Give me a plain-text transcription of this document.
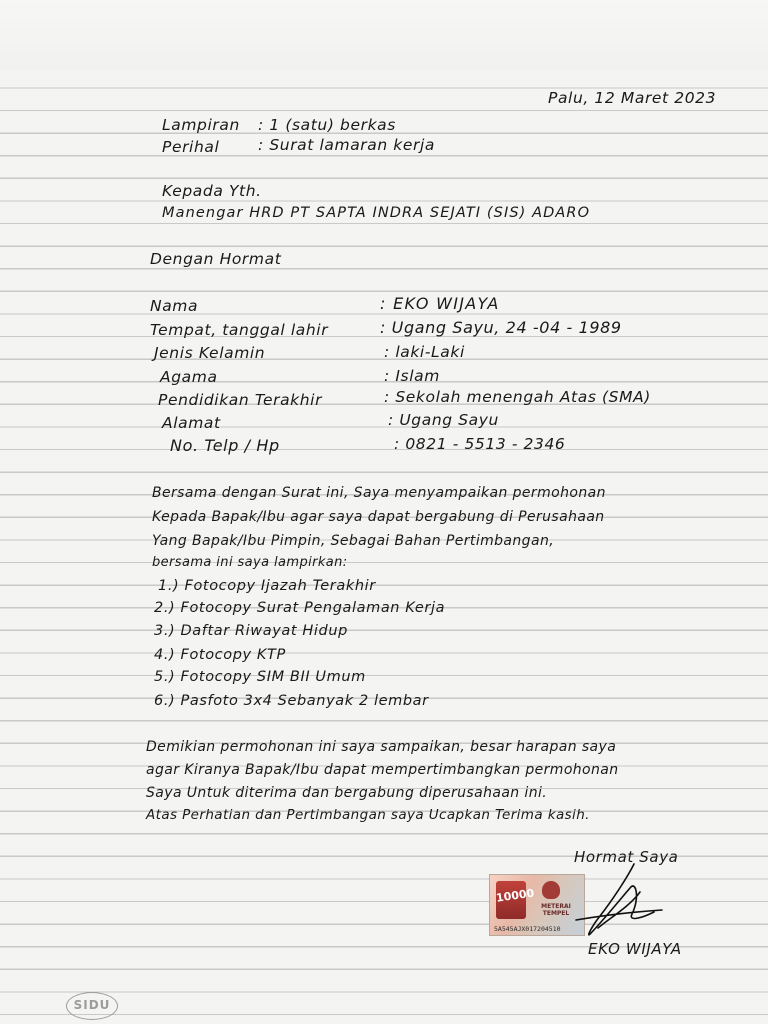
Palu, 12 Maret 2023
Lampiran : 1 (satu) berkas
Perihal : Surat lamaran kerja
Kepada Yth.
Manengar HRD PT SAPTA INDRA SEJATI (SIS) ADARO
Dengan Hormat
Nama	: EKO WIJAYA
Tempat, tanggal lahir	: Ugang Sayu, 24 -04 - 1989
Jenis Kelamin	: laki-Laki
Agama	: Islam
Pendidikan Terakhir	: Sekolah menengah Atas (SMA)
Alamat	: Ugang Sayu
No. Telp / Hp	: 0821 - 5513 - 2346
Bersama dengan Surat ini, Saya menyampaikan permohonan
Kepada Bapak/Ibu agar saya dapat bergabung di Perusahaan
Yang Bapak/Ibu Pimpin, Sebagai Bahan Pertimbangan,
bersama ini saya lampirkan:
1.) Fotocopy Ijazah Terakhir
2.) Fotocopy Surat Pengalaman Kerja
3.) Daftar Riwayat Hidup
4.) Fotocopy KTP
5.) Fotocopy SIM BII Umum
6.) Pasfoto 3x4 Sebanyak 2 lembar
Demikian permohonan ini saya sampaikan, besar harapan saya
agar Kiranya Bapak/Ibu dapat mempertimbangkan permohonan
Saya Untuk diterima dan bergabung diperusahaan ini.
Atas Perhatian dan Pertimbangan saya Ucapkan Terima kasih.
Hormat Saya
10000
METERAI
TEMPEL
5A545AJX017204510
EKO WIJAYA
SIDU
